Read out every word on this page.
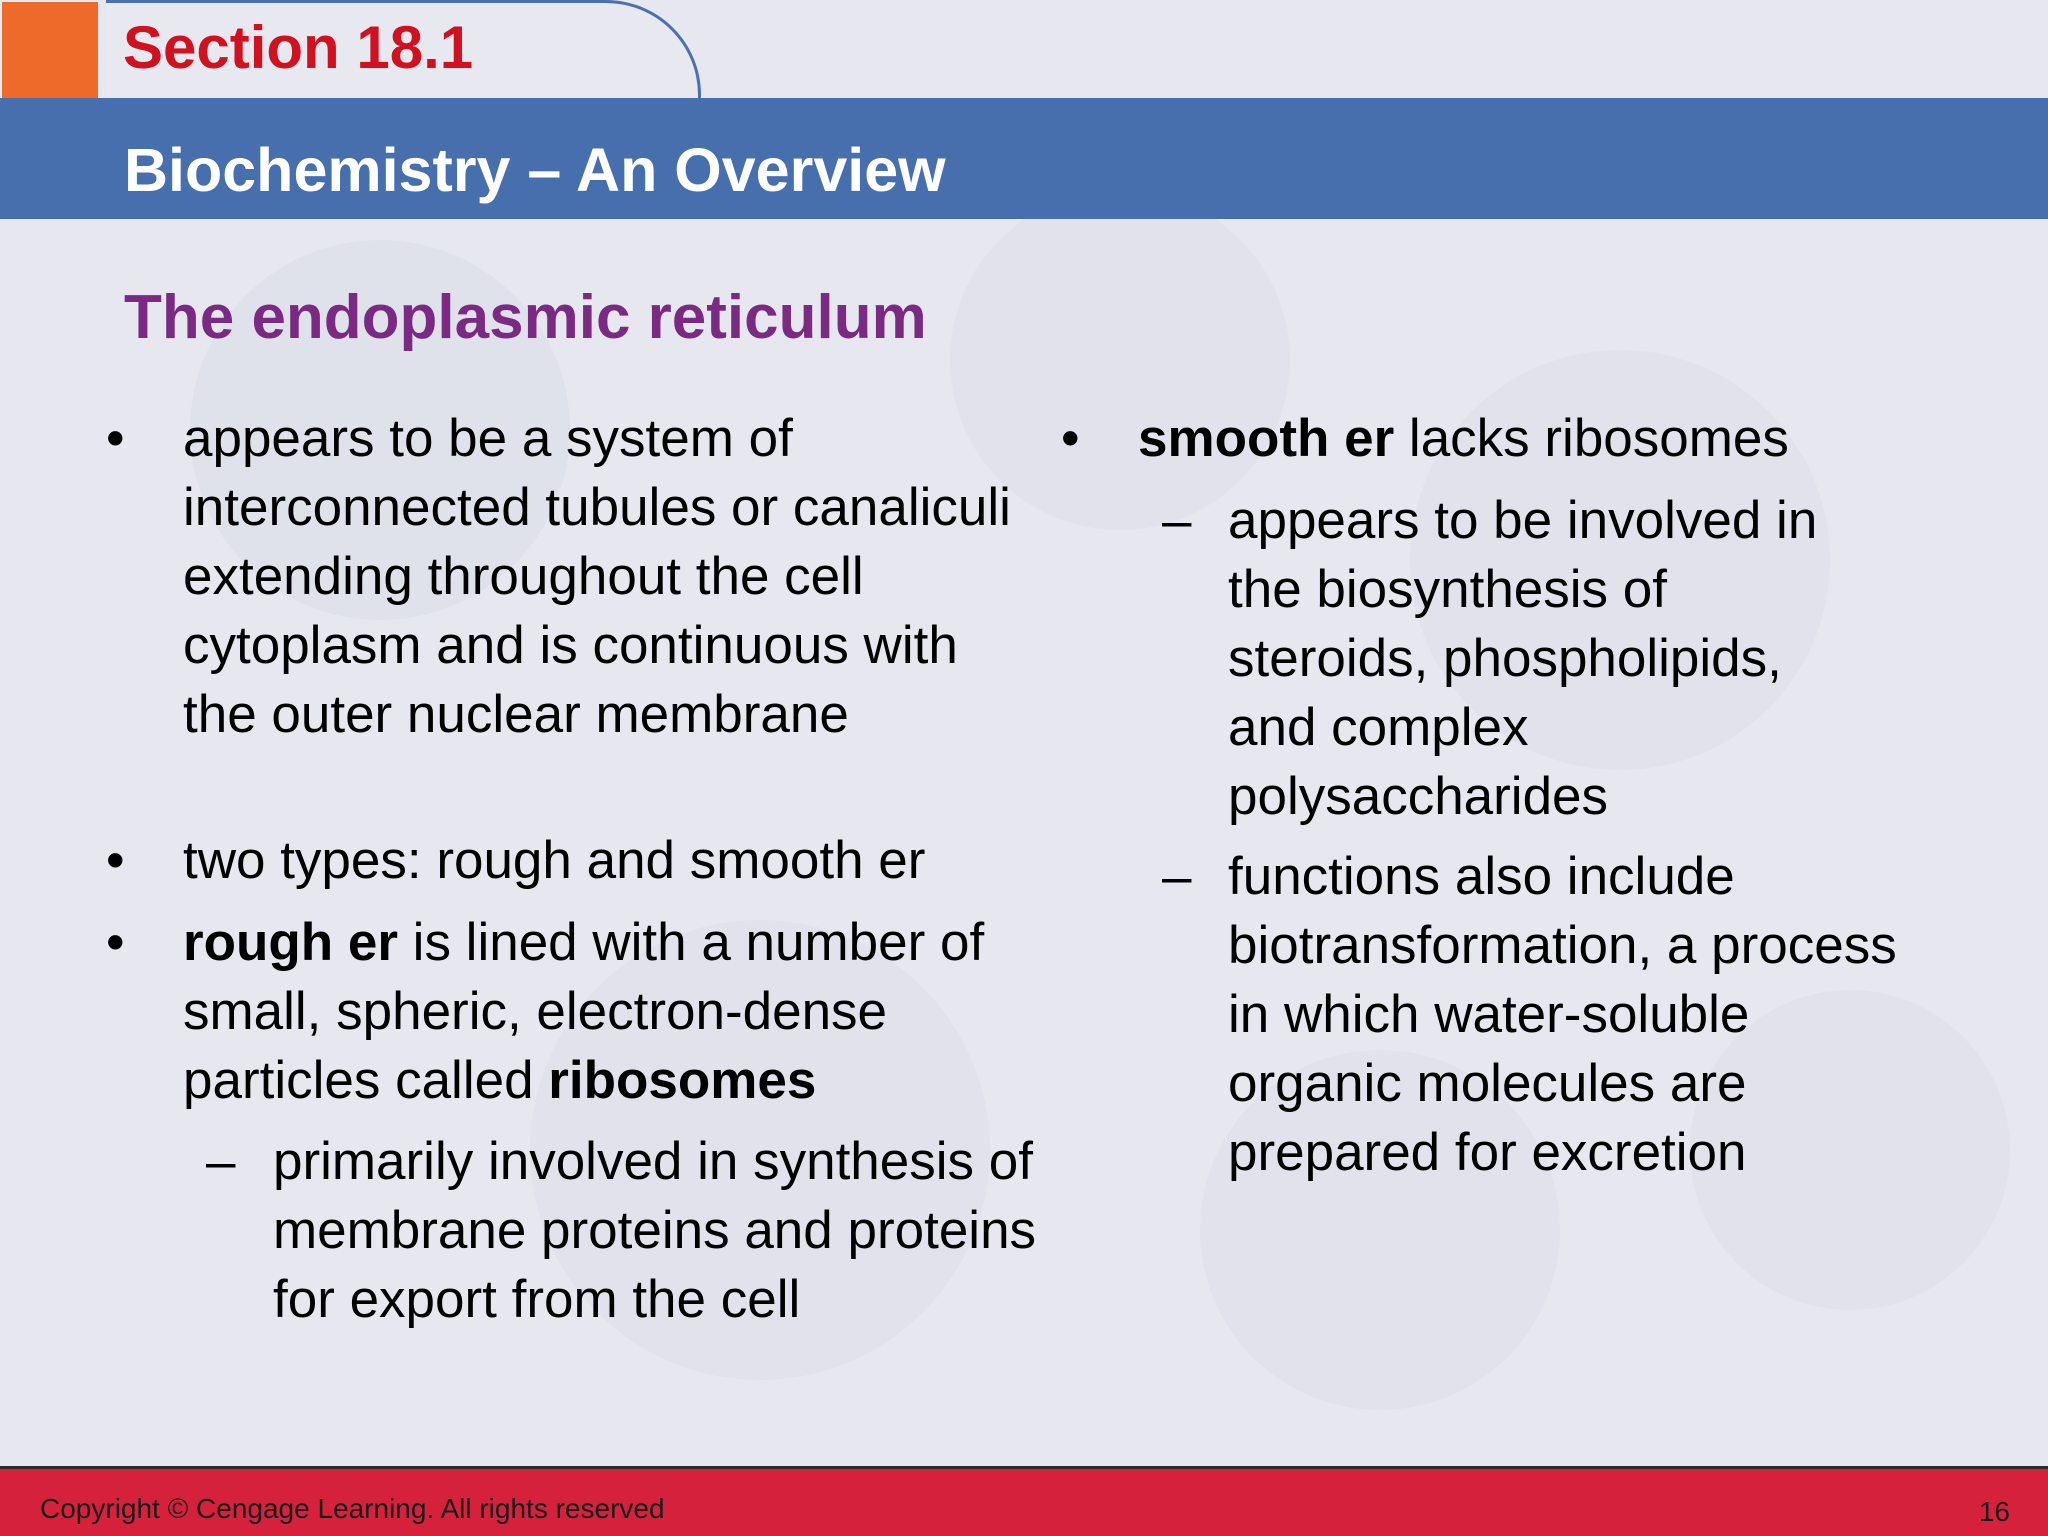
Section 18.1
Biochemistry – An Overview
The endoplasmic reticulum
• appears to be a system of interconnected tubules or canaliculi extending throughout the cell cytoplasm and is continuous with the outer nuclear membrane
• two types: rough and smooth er
• rough er is lined with a number of small, spheric, electron-dense particles called ribosomes
– primarily involved in synthesis of membrane proteins and proteins for export from the cell
• smooth er lacks ribosomes
– appears to be involved in the biosynthesis of steroids, phospholipids, and complex polysaccharides
– functions also include biotransformation, a process in which water-soluble organic molecules are prepared for excretion
Copyright © Cengage Learning. All rights reserved	16
